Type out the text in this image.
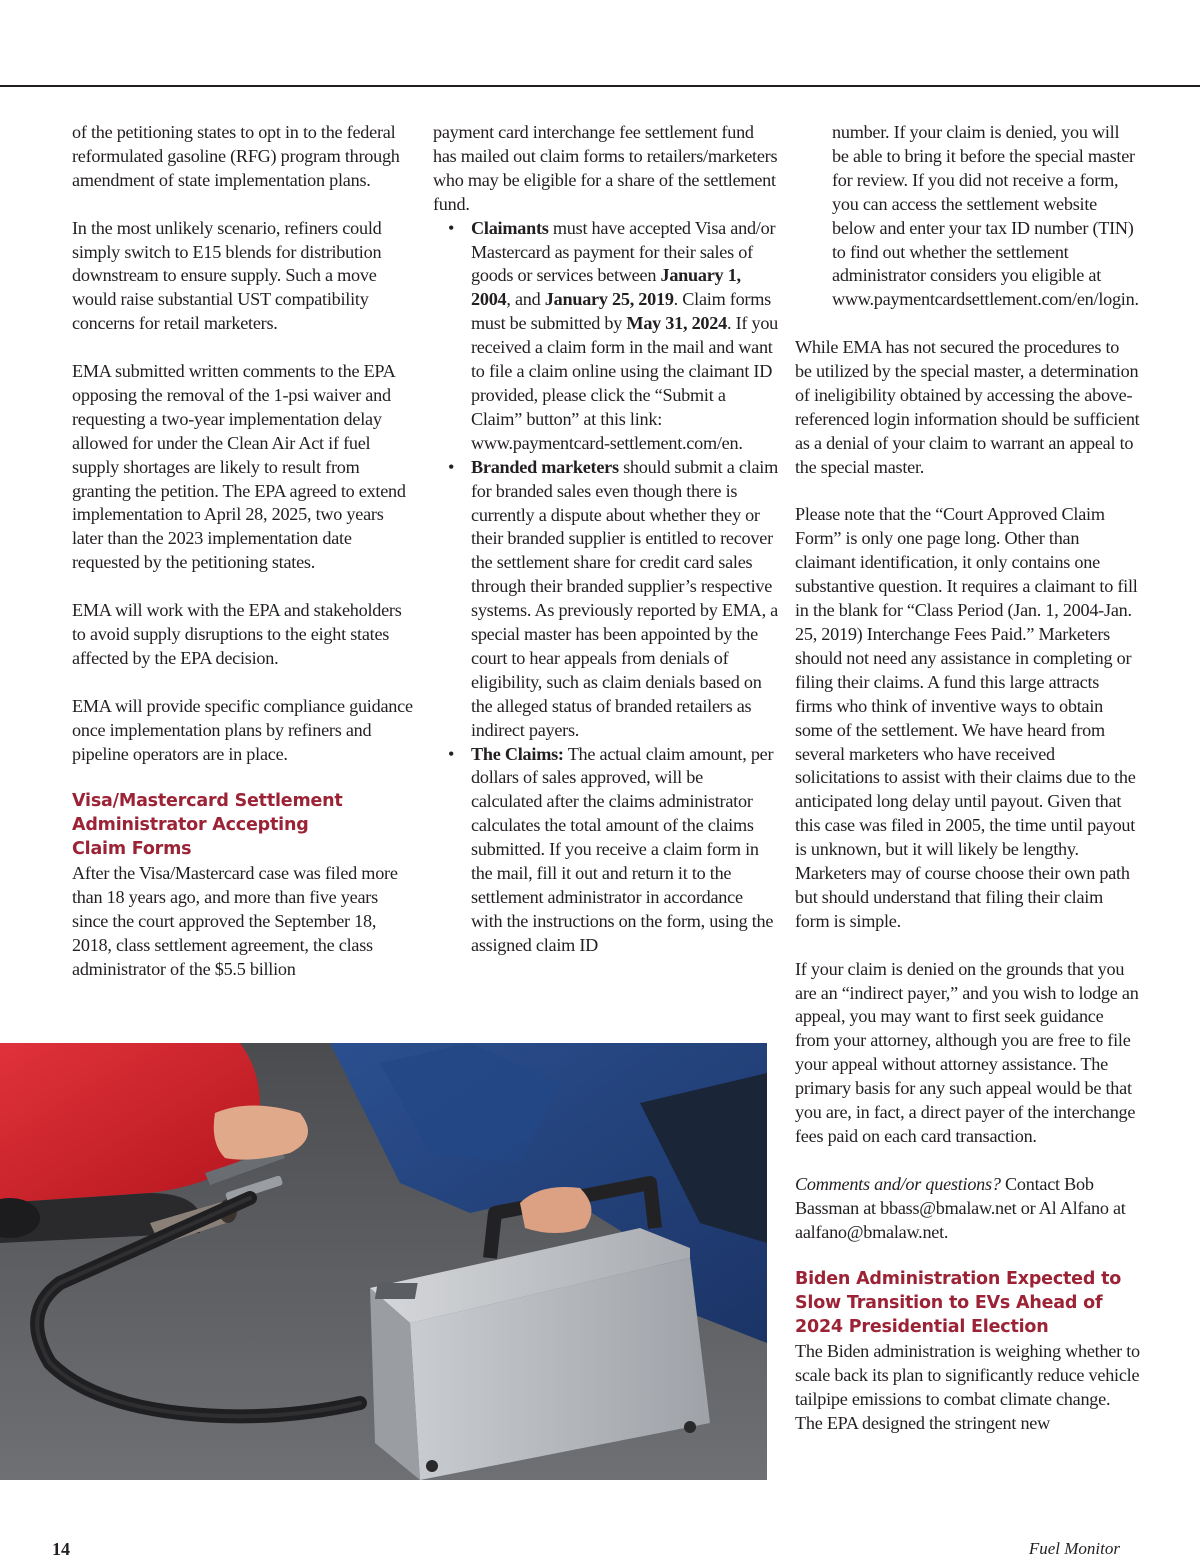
of the petitioning states to opt in to the federal reformulated gasoline (RFG) program through amendment of state implementation plans.

In the most unlikely scenario, refiners could simply switch to E15 blends for distribution downstream to ensure supply. Such a move would raise substantial UST compatibility concerns for retail marketers.

EMA submitted written comments to the EPA opposing the removal of the 1-psi waiver and requesting a two-year implementation delay allowed for under the Clean Air Act if fuel supply shortages are likely to result from granting the petition. The EPA agreed to extend implementation to April 28, 2025, two years later than the 2023 implementation date requested by the petitioning states.

EMA will work with the EPA and stakeholders to avoid supply disruptions to the eight states affected by the EPA decision.

EMA will provide specific compliance guidance once implementation plans by refiners and pipeline operators are in place.

Visa/Mastercard Settlement
Administrator Accepting
Claim Forms

After the Visa/Mastercard case was filed more than 18 years ago, and more than five years since the court approved the September 18, 2018, class settlement agreement, the class administrator of the $5.5 billion

payment card interchange fee settlement fund has mailed out claim forms to retailers/marketers who may be eligible for a share of the settlement fund.

• Claimants must have accepted Visa and/or Mastercard as payment for their sales of goods or services between January 1, 2004, and January 25, 2019. Claim forms must be submitted by May 31, 2024. If you received a claim form in the mail and want to file a claim online using the claimant ID provided, please click the “Submit a Claim” button” at this link: www.paymentcard-settlement.com/en.
• Branded marketers should submit a claim for branded sales even though there is currently a dispute about whether they or their branded supplier is entitled to recover the settlement share for credit card sales through their branded supplier’s respective systems. As previously reported by EMA, a special master has been appointed by the court to hear appeals from denials of eligibility, such as claim denials based on the alleged status of branded retailers as indirect payers.
• The Claims: The actual claim amount, per dollars of sales approved, will be calculated after the claims administrator calculates the total amount of the claims submitted. If you receive a claim form in the mail, fill it out and return it to the settlement administrator in accordance with the instructions on the form, using the assigned claim ID

number. If your claim is denied, you will be able to bring it before the special master for review. If you did not receive a form, you can access the settlement website below and enter your tax ID number (TIN) to find out whether the settlement administrator considers you eligible at www.paymentcardsettlement.com/en/login.

While EMA has not secured the procedures to be utilized by the special master, a determination of ineligibility obtained by accessing the above-referenced login information should be sufficient as a denial of your claim to warrant an appeal to the special master.

Please note that the “Court Approved Claim Form” is only one page long. Other than claimant identification, it only contains one substantive question. It requires a claimant to fill in the blank for “Class Period (Jan. 1, 2004-Jan. 25, 2019) Interchange Fees Paid.” Marketers should not need any assistance in completing or filing their claims. A fund this large attracts firms who think of inventive ways to obtain some of the settlement. We have heard from several marketers who have received solicitations to assist with their claims due to the anticipated long delay until payout. Given that this case was filed in 2005, the time until payout is unknown, but it will likely be lengthy. Marketers may of course choose their own path but should understand that filing their claim form is simple.

If your claim is denied on the grounds that you are an “indirect payer,” and you wish to lodge an appeal, you may want to first seek guidance from your attorney, although you are free to file your appeal without attorney assistance. The primary basis for any such appeal would be that you are, in fact, a direct payer of the interchange fees paid on each card transaction.

Comments and/or questions? Contact Bob Bassman at bbass@bmalaw.net or Al Alfano at aalfano@bmalaw.net.

Biden Administration Expected to
Slow Transition to EVs Ahead of
2024 Presidential Election

The Biden administration is weighing whether to scale back its plan to significantly reduce vehicle tailpipe emissions to combat climate change. The EPA designed the stringent new

14	Fuel Monitor
